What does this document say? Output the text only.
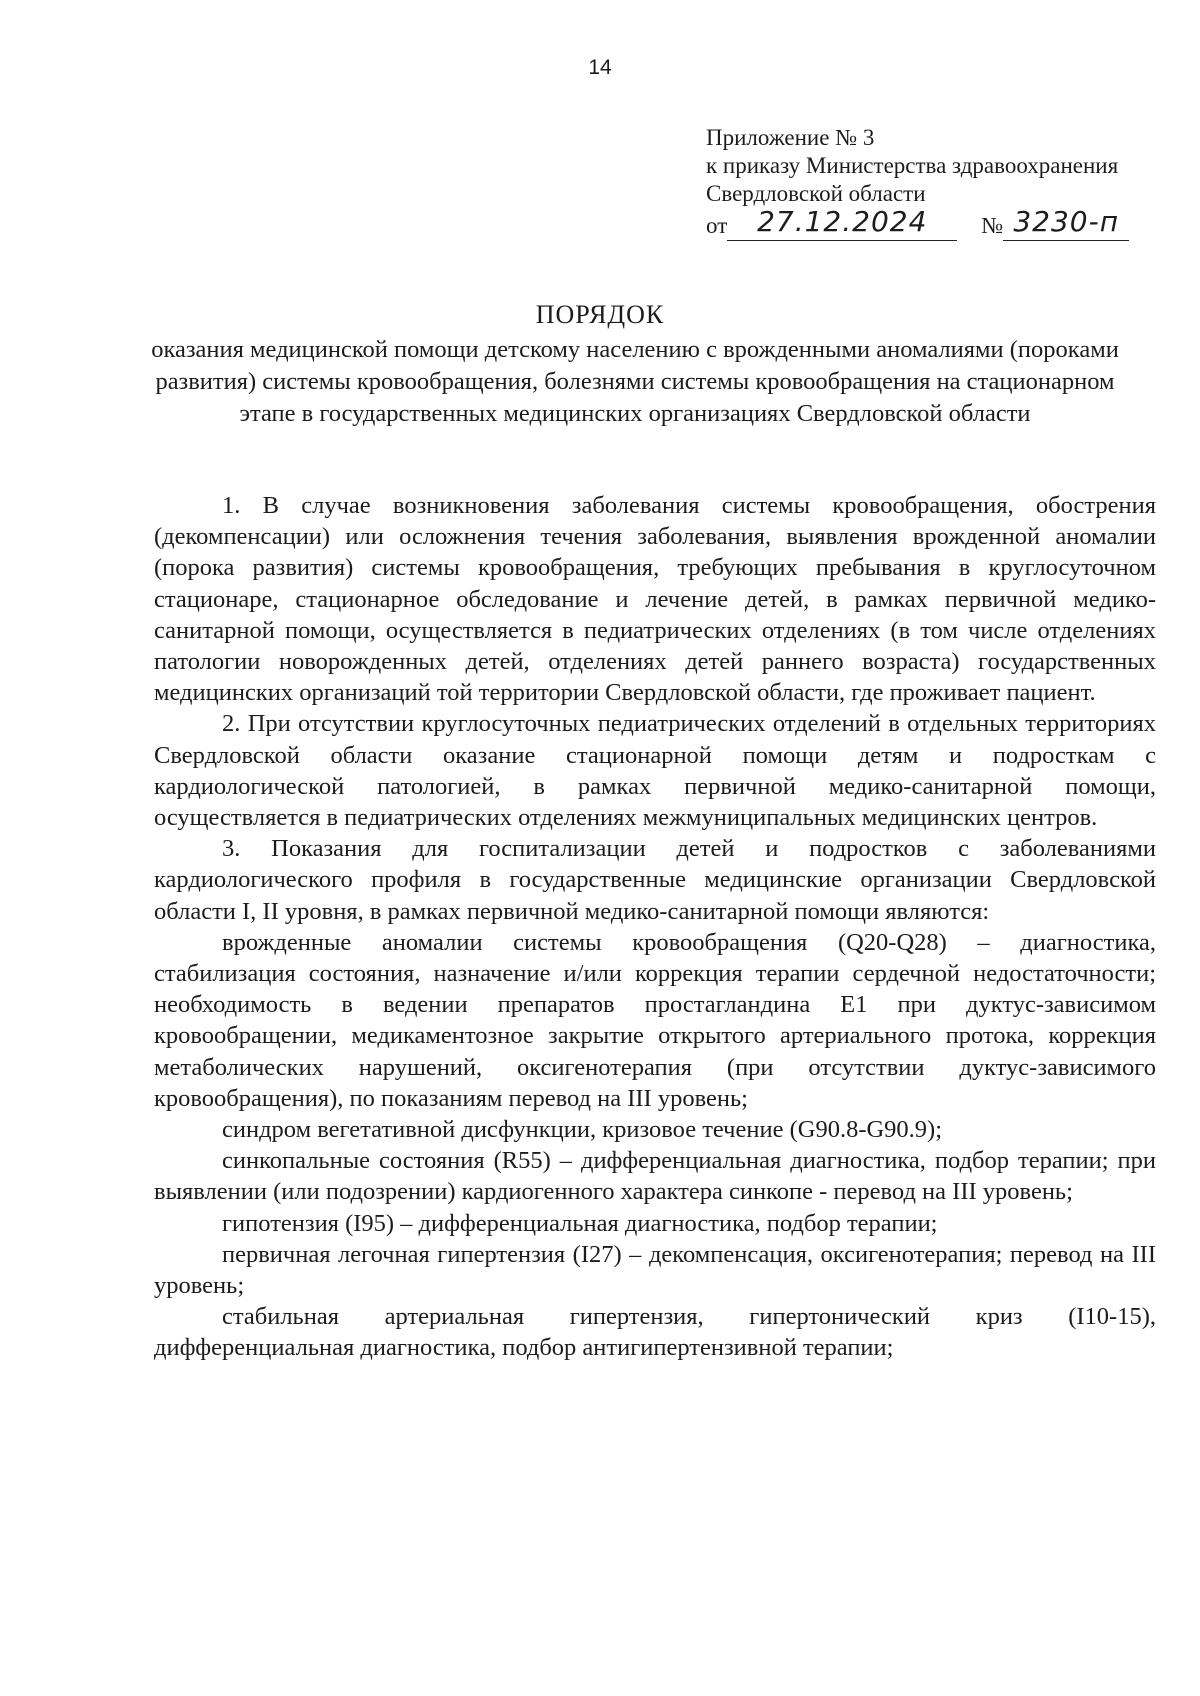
14
Приложение № 3
к приказу Министерства здравоохранения
Свердловской области
от 27.12.2024 № 3230-п
ПОРЯДОК
оказания медицинской помощи детскому населению с врожденными аномалиями (пороками развития) системы кровообращения, болезнями системы кровообращения на стационарном этапе в государственных медицинских организациях Свердловской области

1. В случае возникновения заболевания системы кровообращения, обострения (декомпенсации) или осложнения течения заболевания, выявления врожденной аномалии (порока развития) системы кровообращения, требующих пребывания в круглосуточном стационаре, стационарное обследование и лечение детей, в рамках первичной медико-санитарной помощи, осуществляется в педиатрических отделениях (в том числе отделениях патологии новорожденных детей, отделениях детей раннего возраста) государственных медицинских организаций той территории Свердловской области, где проживает пациент.

2. При отсутствии круглосуточных педиатрических отделений в отдельных территориях Свердловской области оказание стационарной помощи детям и подросткам с кардиологической патологией, в рамках первичной медико-санитарной помощи, осуществляется в педиатрических отделениях межмуниципальных медицинских центров.

3. Показания для госпитализации детей и подростков с заболеваниями кардиологического профиля в государственные медицинские организации Свердловской области I, II уровня, в рамках первичной медико-санитарной помощи являются:

врожденные аномалии системы кровообращения (Q20-Q28) – диагностика, стабилизация состояния, назначение и/или коррекция терапии сердечной недостаточности; необходимость в ведении препаратов простагландина Е1 при дуктус-зависимом кровообращении, медикаментозное закрытие открытого артериального протока, коррекция метаболических нарушений, оксигенотерапия (при отсутствии дуктус-зависимого кровообращения), по показаниям перевод на III уровень;

синдром вегетативной дисфункции, кризовое течение (G90.8-G90.9);

синкопальные состояния (R55) – дифференциальная диагностика, подбор терапии; при выявлении (или подозрении) кардиогенного характера синкопе - перевод на III уровень;

гипотензия (I95) – дифференциальная диагностика, подбор терапии;

первичная легочная гипертензия (I27) – декомпенсация, оксигенотерапия; перевод на III уровень;

стабильная артериальная гипертензия, гипертонический криз (I10-15), дифференциальная диагностика, подбор антигипертензивной терапии;
